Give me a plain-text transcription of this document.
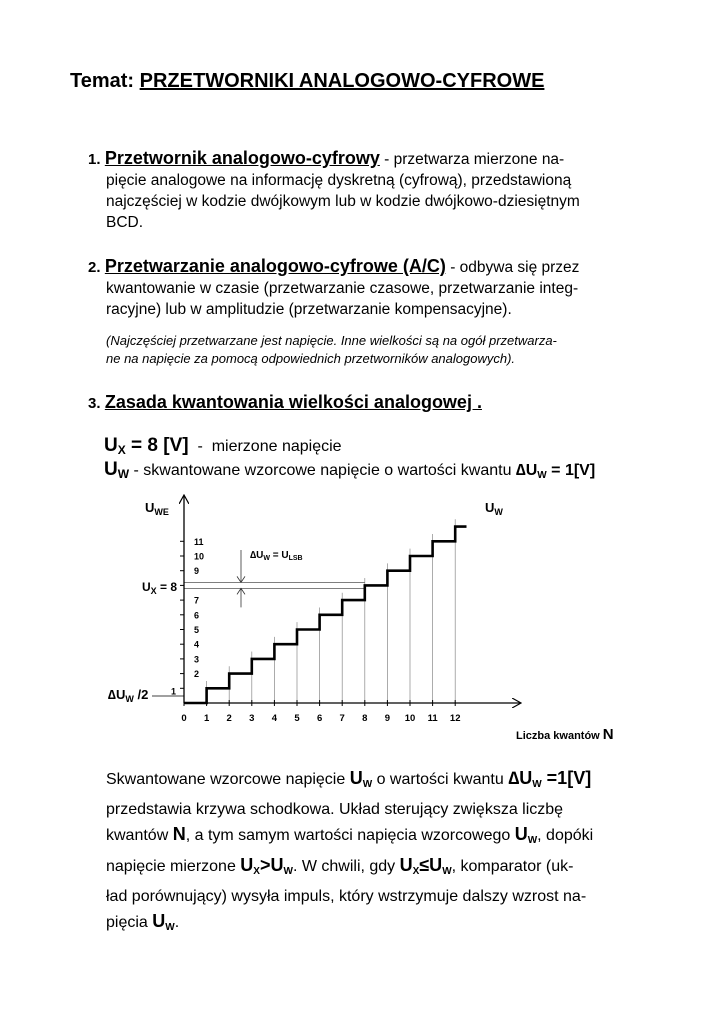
Temat: PRZETWORNIKI ANALOGOWO-CYFROWE
1. Przetwornik analogowo-cyfrowy - przetwarza mierzone na-
pięcie analogowe na informację dyskretną (cyfrową), przedstawioną
najczęściej w kodzie dwójkowym lub w kodzie dwójkowo-dziesiętnym
BCD.
2. Przetwarzanie analogowo-cyfrowe (A/C) - odbywa się przez
kwantowanie w czasie (przetwarzanie czasowe, przetwarzanie integ-
racyjne) lub w amplitudzie (przetwarzanie kompensacyjne).
(Najczęściej przetwarzane jest napięcie. Inne wielkości są na ogół przetwarza-
ne na napięcie za pomocą odpowiednich przetworników analogowych).
3. Zasada kwantowania wielkości analogowej .
$U_X = 8$ [V]  -  mierzone napięcie
$U_W$ - skwantowane wzorcowe napięcie o wartości kwantu $\Delta U_W = 1[V]$
0 1 2 3 4 5 6 7 8 9 10 11 12
1
2
3
4
5
6
7
9
10
11
$U_{WE}$	$U_W$
$U_X = 8$
$\Delta U_W$ /2
$\Delta U_W = U_{LSB}$
Liczba kwantów N
Skwantowane wzorcowe napięcie $U_W$ o wartości kwantu $\Delta U_W =1[V]$
przedstawia krzywa schodkowa. Układ sterujący zwiększa liczbę
kwantów N, a tym samym wartości napięcia wzorcowego $U_W$, dopóki
napięcie mierzone $U_X>U_W$. W chwili, gdy $U_X\le U_W$, komparator (uk-
ład porównujący) wysyła impuls, który wstrzymuje dalszy wzrost na-
pięcia $U_W$.
